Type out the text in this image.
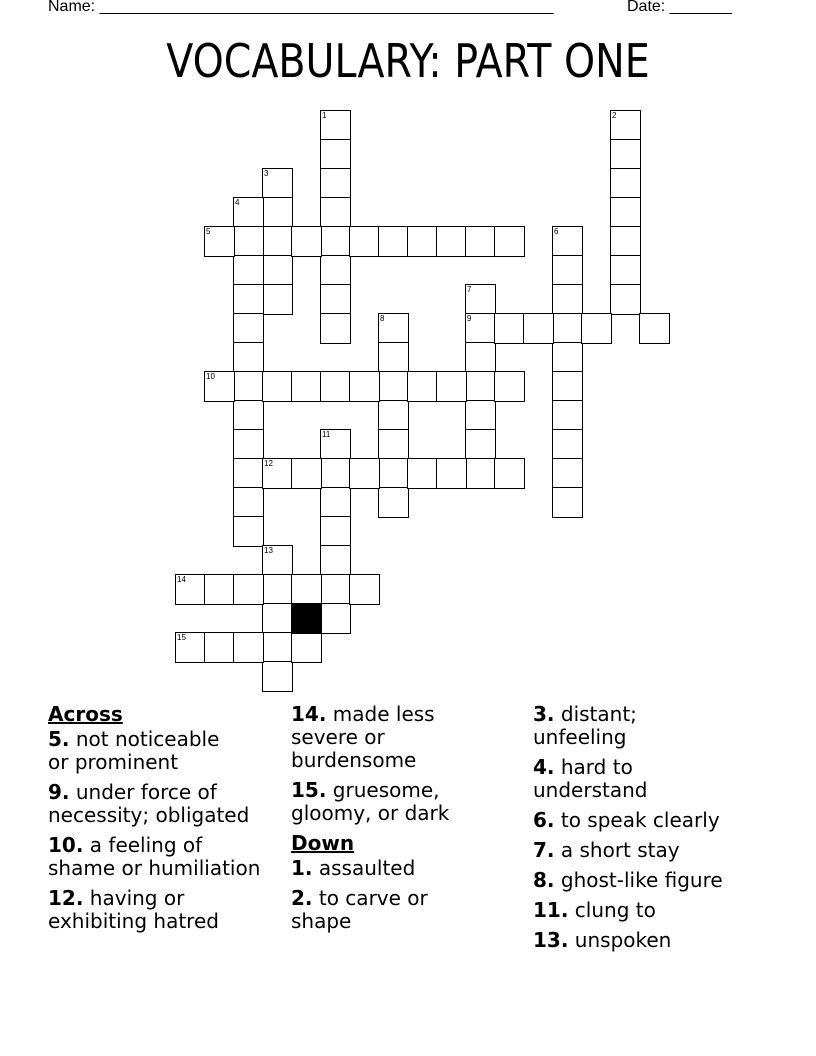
Name: ___________________________________________________	Date: _______
VOCABULARY: PART ONE
1	2
3
4
5	6
7
9
8
10
11
12
13
14
15
Across
5. not noticeable
or prominent
9. under force of
necessity; obligated
10. a feeling of
shame or humiliation
12. having or
exhibiting hatred
14. made less
severe or
burdensome
15. gruesome,
gloomy, or dark
Down
1. assaulted
2. to carve or
shape
3. distant;
unfeeling
4. hard to
understand
6. to speak clearly
7. a short stay
8. ghost-like figure
11. clung to
13. unspoken
